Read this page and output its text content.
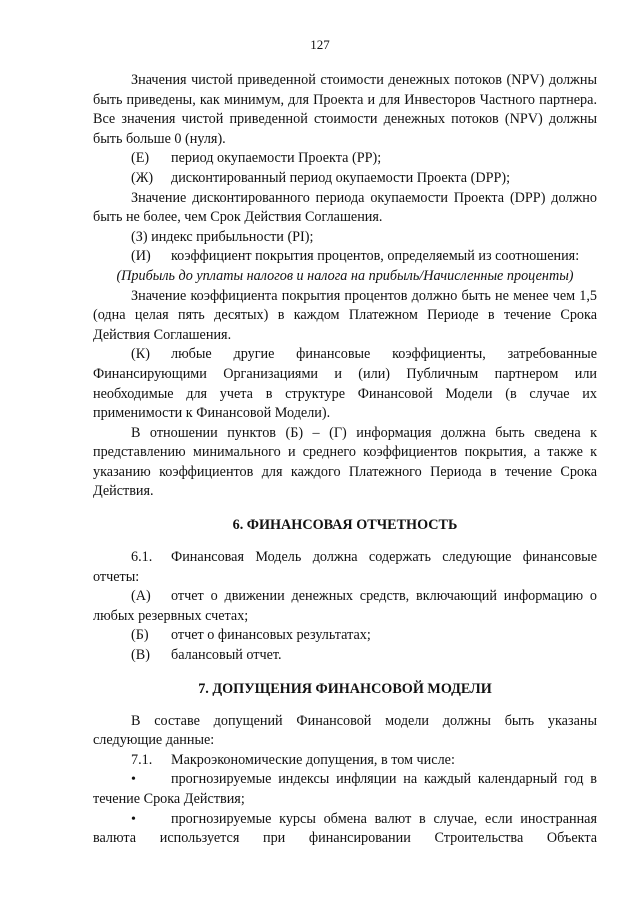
127

Значения чистой приведенной стоимости денежных потоков (NPV) должны быть приведены, как минимум, для Проекта и для Инвесторов Частного партнера. Все значения чистой приведенной стоимости денежных потоков (NPV) должны быть больше 0 (нуля).

(Е) период окупаемости Проекта (PP);

(Ж) дисконтированный период окупаемости Проекта (DPP);

Значение дисконтированного периода окупаемости Проекта (DPP) должно быть не более, чем Срок Действия Соглашения.

(З) индекс прибыльности (PI);

(И) коэффициент покрытия процентов, определяемый из соотношения:

(Прибыль до уплаты налогов и налога на прибыль/Начисленные проценты)

Значение коэффициента покрытия процентов должно быть не менее чем 1,5 (одна целая пять десятых) в каждом Платежном Периоде в течение Срока Действия Соглашения.

(К) любые другие финансовые коэффициенты, затребованные Финансирующими Организациями и (или) Публичным партнером или необходимые для учета в структуре Финансовой Модели (в случае их применимости к Финансовой Модели).

В отношении пунктов (Б) – (Г) информация должна быть сведена к представлению минимального и среднего коэффициентов покрытия, а также к указанию коэффициентов для каждого Платежного Периода в течение Срока Действия.

6. ФИНАНСОВАЯ ОТЧЕТНОСТЬ

6.1. Финансовая Модель должна содержать следующие финансовые отчеты:

(А) отчет о движении денежных средств, включающий информацию о любых резервных счетах;

(Б) отчет о финансовых результатах;

(В) балансовый отчет.

7. ДОПУЩЕНИЯ ФИНАНСОВОЙ МОДЕЛИ

В составе допущений Финансовой модели должны быть указаны следующие данные:

7.1. Макроэкономические допущения, в том числе:

• прогнозируемые индексы инфляции на каждый календарный год в течение Срока Действия;

• прогнозируемые курсы обмена валют в случае, если иностранная валюта используется при финансировании Строительства Объекта
